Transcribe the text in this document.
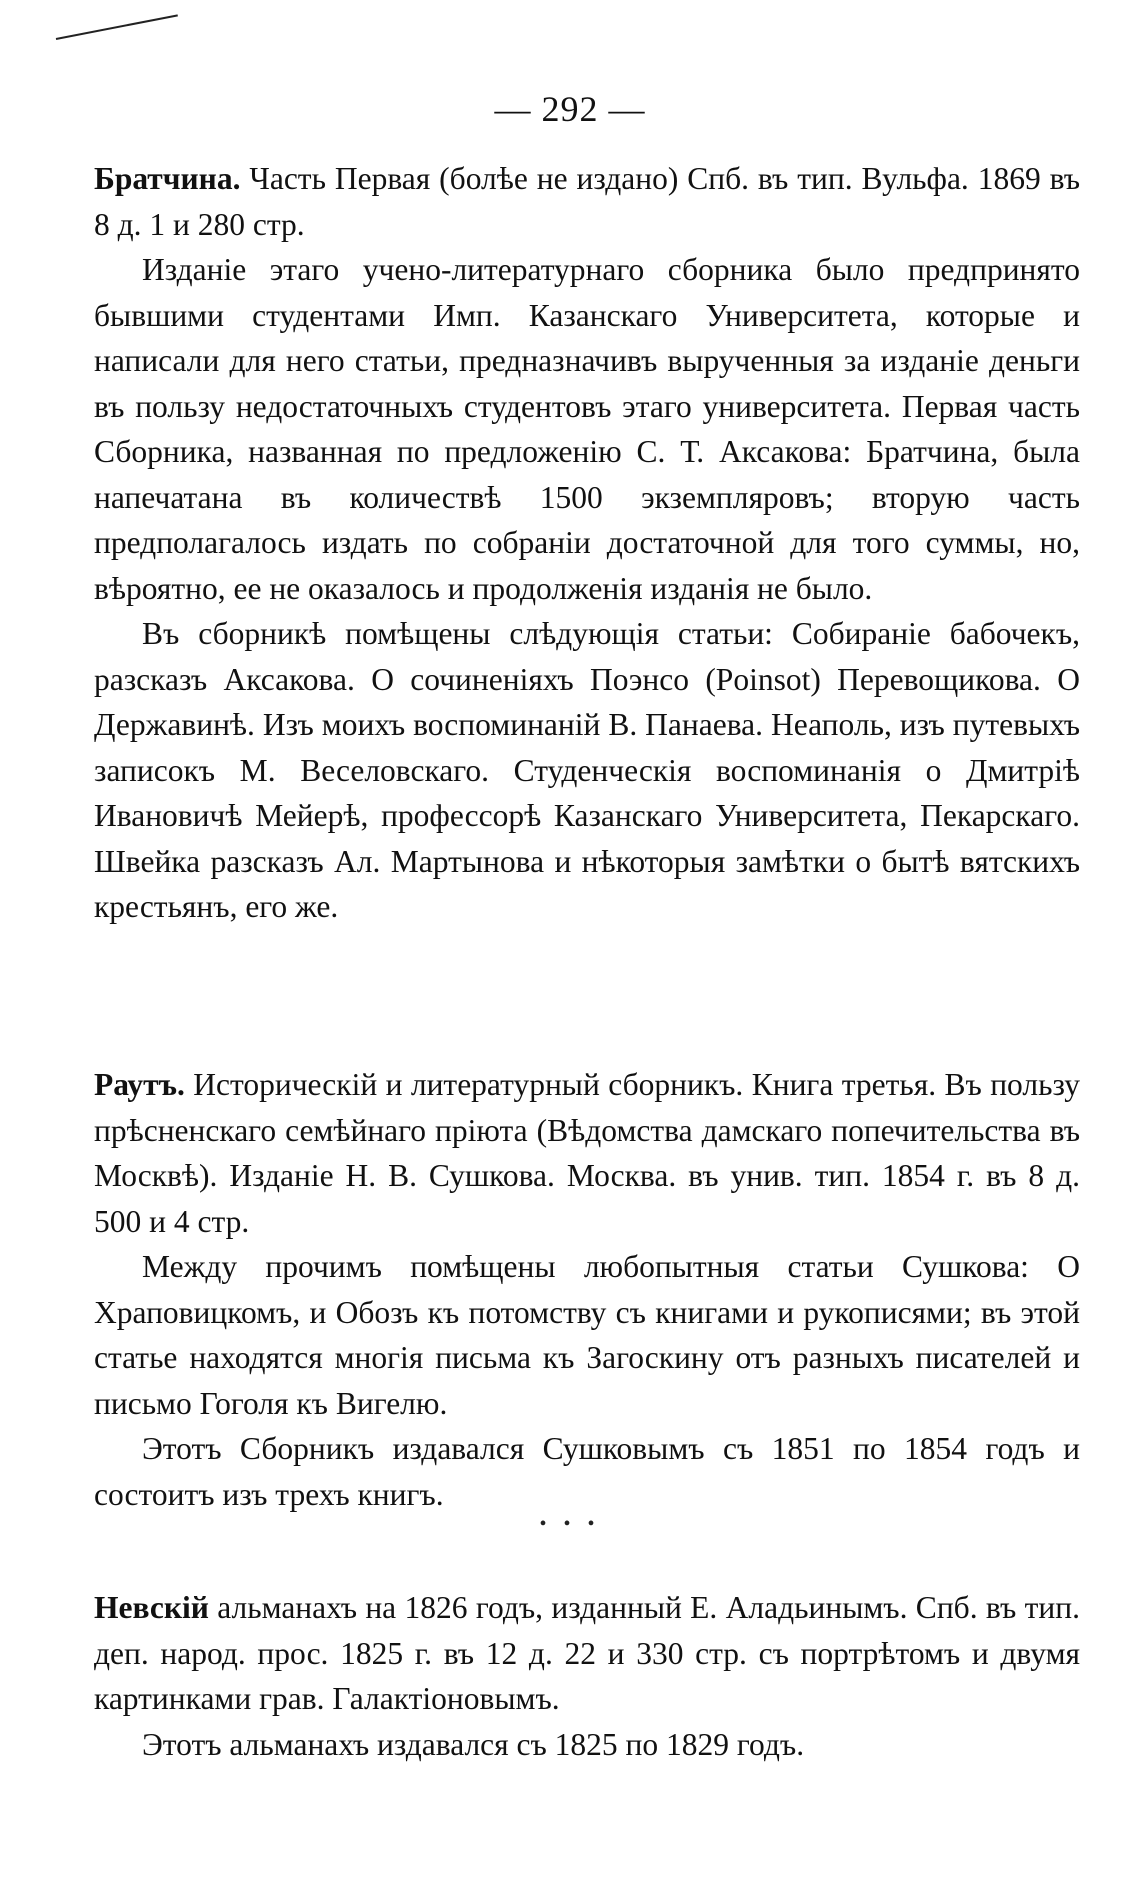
— 292 —

Братчина. Часть Первая (болѣе не издано) Спб. въ тип. Вульфа. 1869 въ 8 д. 1 и 280 стр.

Изданіе этаго учено-литературнаго сборника было предпринято бывшими студентами Имп. Казанскаго Университета, которые и написали для него статьи, предназначивъ вырученныя за изданіе деньги въ пользу недостаточныхъ студентовъ этаго университета. Первая часть Сборника, названная по предложенію С. Т. Аксакова: Братчина, была напечатана въ количествѣ 1500 экземпляровъ; вторую часть предполагалось издать по собраніи достаточной для того суммы, но, вѣроятно, ее не оказалось и продолженія изданія не было.

Въ сборникѣ помѣщены слѣдующія статьи: Собираніе бабочекъ, разсказъ Аксакова. О сочиненіяхъ Поэнсо (Poinsot) Перевощикова. О Державинѣ. Изъ моихъ воспоминаній В. Панаева. Неаполь, изъ путевыхъ записокъ М. Веселовскаго. Студенческія воспоминанія о Дмитріѣ Ивановичѣ Мейерѣ, профессорѣ Казанскаго Университета, Пекарскаго. Швейка разсказъ Ал. Мартынова и нѣкоторыя замѣтки о бытѣ вятскихъ крестьянъ, его же.

Раутъ. Историческій и литературный сборникъ. Книга третья. Въ пользу пpѣсненскаго семѣйнаго пріюта (Вѣдомства дамскаго попечительства въ Москвѣ). Изданіе Н. В. Сушкова. Москва. въ унив. тип. 1854 г. въ 8 д. 500 и 4 стр.

Между прочимъ помѣщены любопытныя статьи Сушкова: О Храповицкомъ, и Обозъ къ потомству съ книгами и рукописями; въ этой статье находятся многія письма къ Загоскину отъ разныхъ писателей и письмо Гоголя къ Вигелю.

Этотъ Сборникъ издавался Сушковымъ съ 1851 по 1854 годъ и состоитъ изъ трехъ книгъ.

• • •

Невскій альманахъ на 1826 годъ, изданный Е. Аладьинымъ. Спб. въ тип. деп. народ. прос. 1825 г. въ 12 д. 22 и 330 стр. съ портрѣтомъ и двумя картинками грав. Галактіоновымъ.

Этотъ альманахъ издавался съ 1825 по 1829 годъ.
